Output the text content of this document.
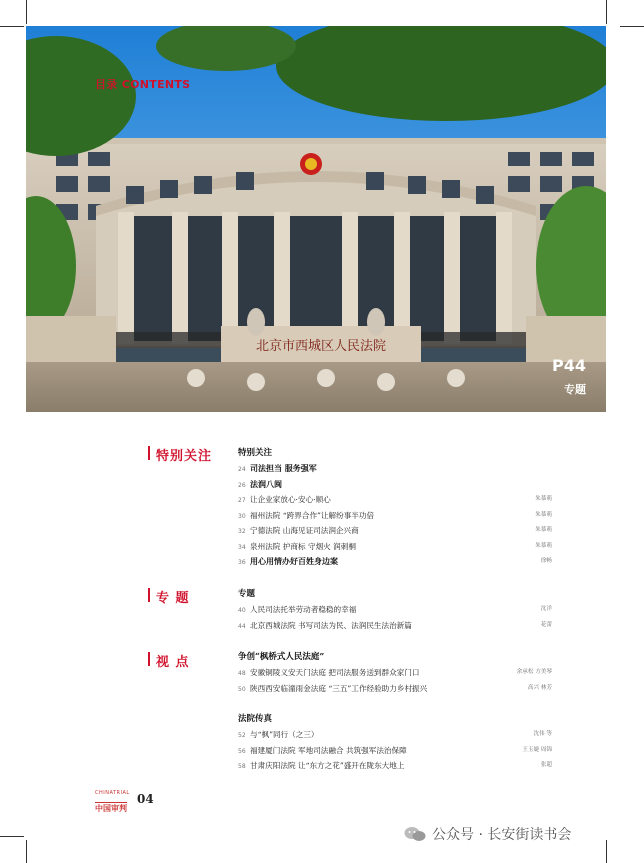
北京市西城区人民法院
目录 CONTENTS
P44
专题
特别关注	特别关注
24 司法担当 服务强军
26 法润八闽
27 让企业家放心·安心·顺心	朱慕萌
30 福州法院 “跨界合作”让解纷事半功倍	朱慕萌
32 宁德法院 山海见证司法润企兴商	朱慕萌
34 泉州法院 护商标 守烟火 润刺桐	朱慕萌
36 用心用情办好百姓身边案	徐畅
专 题	专题
40 人民司法托举劳动者稳稳的幸福	沈洋
44 北京西城法院 书写司法为民、法润民生法治新篇	花蕾
视 点	争创“枫桥式人民法庭”
48 安徽铜陵义安天门法庭 把司法服务送到群众家门口	余承松 方美琴
50 陕西西安临潼雨金法庭 “三五”工作经验助力乡村振兴	高兴 林芳
法院传真
52 与“枫”同行（之三）	沈伟 等
56 福建厦门法院 军地司法融合 共筑强军法治保障	王玉婕 周锦
58 甘肃庆阳法院 让“东方之花”盛开在陇东大地上	张超
CHINATRIAL
中国审判
04
公众号 · 长安街读书会
